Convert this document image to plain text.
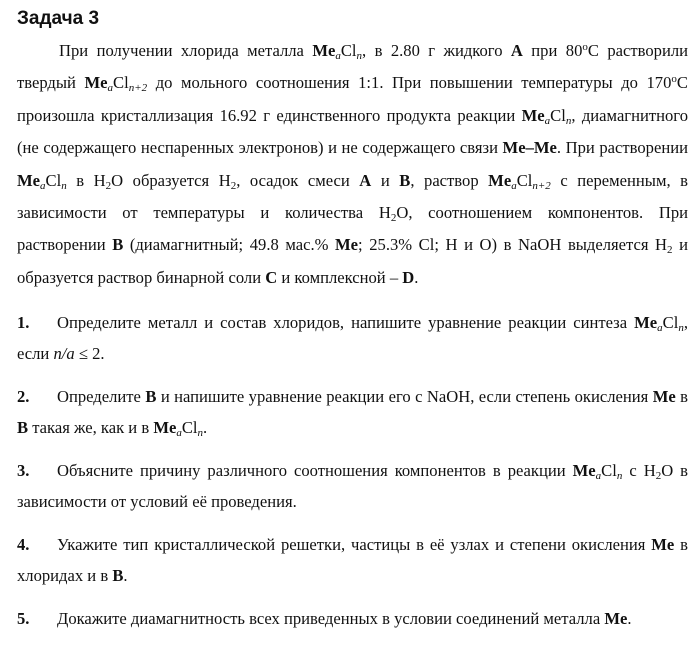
Задача 3

При получении хлорида металла $Me_aCl_n$, в 2.80 г жидкого A при 80$^o$С растворили твердый $Me_aCl_{n+2}$ до мольного соотношения 1:1. При повышении температуры до 170$^o$С произошла кристаллизация 16.92 г единственного продукта реакции $Me_aCl_n$, диамагнитного (не содержащего неспаренных электронов) и не содержащего связи Me–Me. При растворении $Me_aCl_n$ в $H_2O$ образуется $H_2$, осадок смеси A и B, раствор $Me_aCl_{n+2}$ с переменным, в зависимости от температуры и количества $H_2O$, соотношением компонентов. При растворении B (диамагнитный; 49.8 мас.% Me; 25.3% Cl; H и O) в NaOH выделяется $H_2$ и образуется раствор бинарной соли C и комплексной – D.

1. Определите металл и состав хлоридов, напишите уравнение реакции синтеза $Me_aCl_n$, если n/a ≤ 2.

2. Определите B и напишите уравнение реакции его с NaOH, если степень окисления Me в B такая же, как и в $Me_aCl_n$.

3. Объясните причину различного соотношения компонентов в реакции $Me_aCl_n$ с $H_2O$ в зависимости от условий её проведения.

4. Укажите тип кристаллической решетки, частицы в её узлах и степени окисления Me в хлоридах и в B.

5. Докажите диамагнитность всех приведенных в условии соединений металла Me.
